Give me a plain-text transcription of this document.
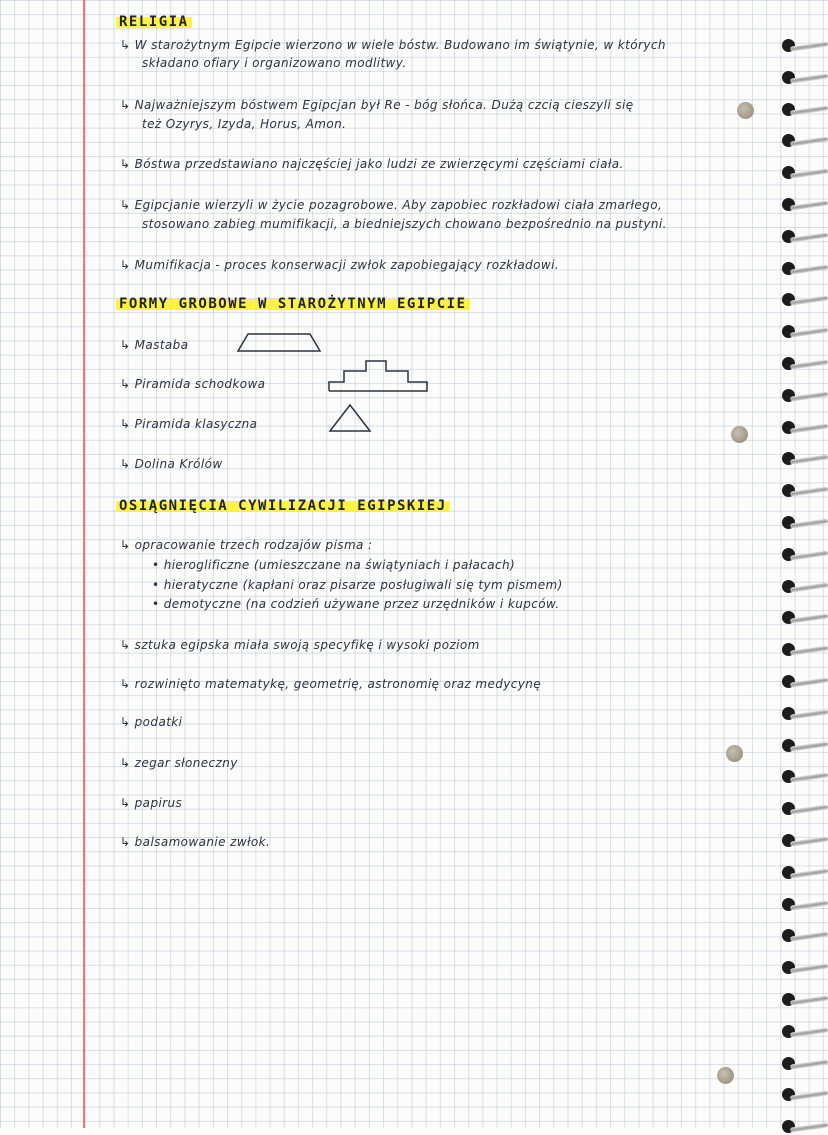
RELIGIA
↳ W starożytnym Egipcie wierzono w wiele bóstw. Budowano im świątynie, w których
składano ofiary i organizowano modlitwy.
↳ Najważniejszym bóstwem Egipcjan był Re - bóg słońca. Dużą czcią cieszyli się
też Ozyrys, Izyda, Horus, Amon.
↳ Bóstwa przedstawiano najczęściej jako ludzi ze zwierzęcymi częściami ciała.
↳ Egipcjanie wierzyli w życie pozagrobowe. Aby zapobiec rozkładowi ciała zmarłego,
stosowano zabieg mumifikacji, a biedniejszych chowano bezpośrednio na pustyni.
↳ Mumifikacja - proces konserwacji zwłok zapobiegający rozkładowi.
FORMY GROBOWE W STAROŻYTNYM EGIPCIE
↳ Mastaba
↳ Piramida schodkowa
↳ Piramida klasyczna
↳ Dolina Królów
OSIĄGNIĘCIA CYWILIZACJI EGIPSKIEJ
↳ opracowanie trzech rodzajów pisma :
• hieroglificzne (umieszczane na świątyniach i pałacach)
• hieratyczne (kapłani oraz pisarze posługiwali się tym pismem)
• demotyczne (na codzień używane przez urzędników i kupców.
↳ sztuka egipska miała swoją specyfikę i wysoki poziom
↳ rozwinięto matematykę, geometrię, astronomię oraz medycynę
↳ podatki
↳ zegar słoneczny
↳ papirus
↳ balsamowanie zwłok.
